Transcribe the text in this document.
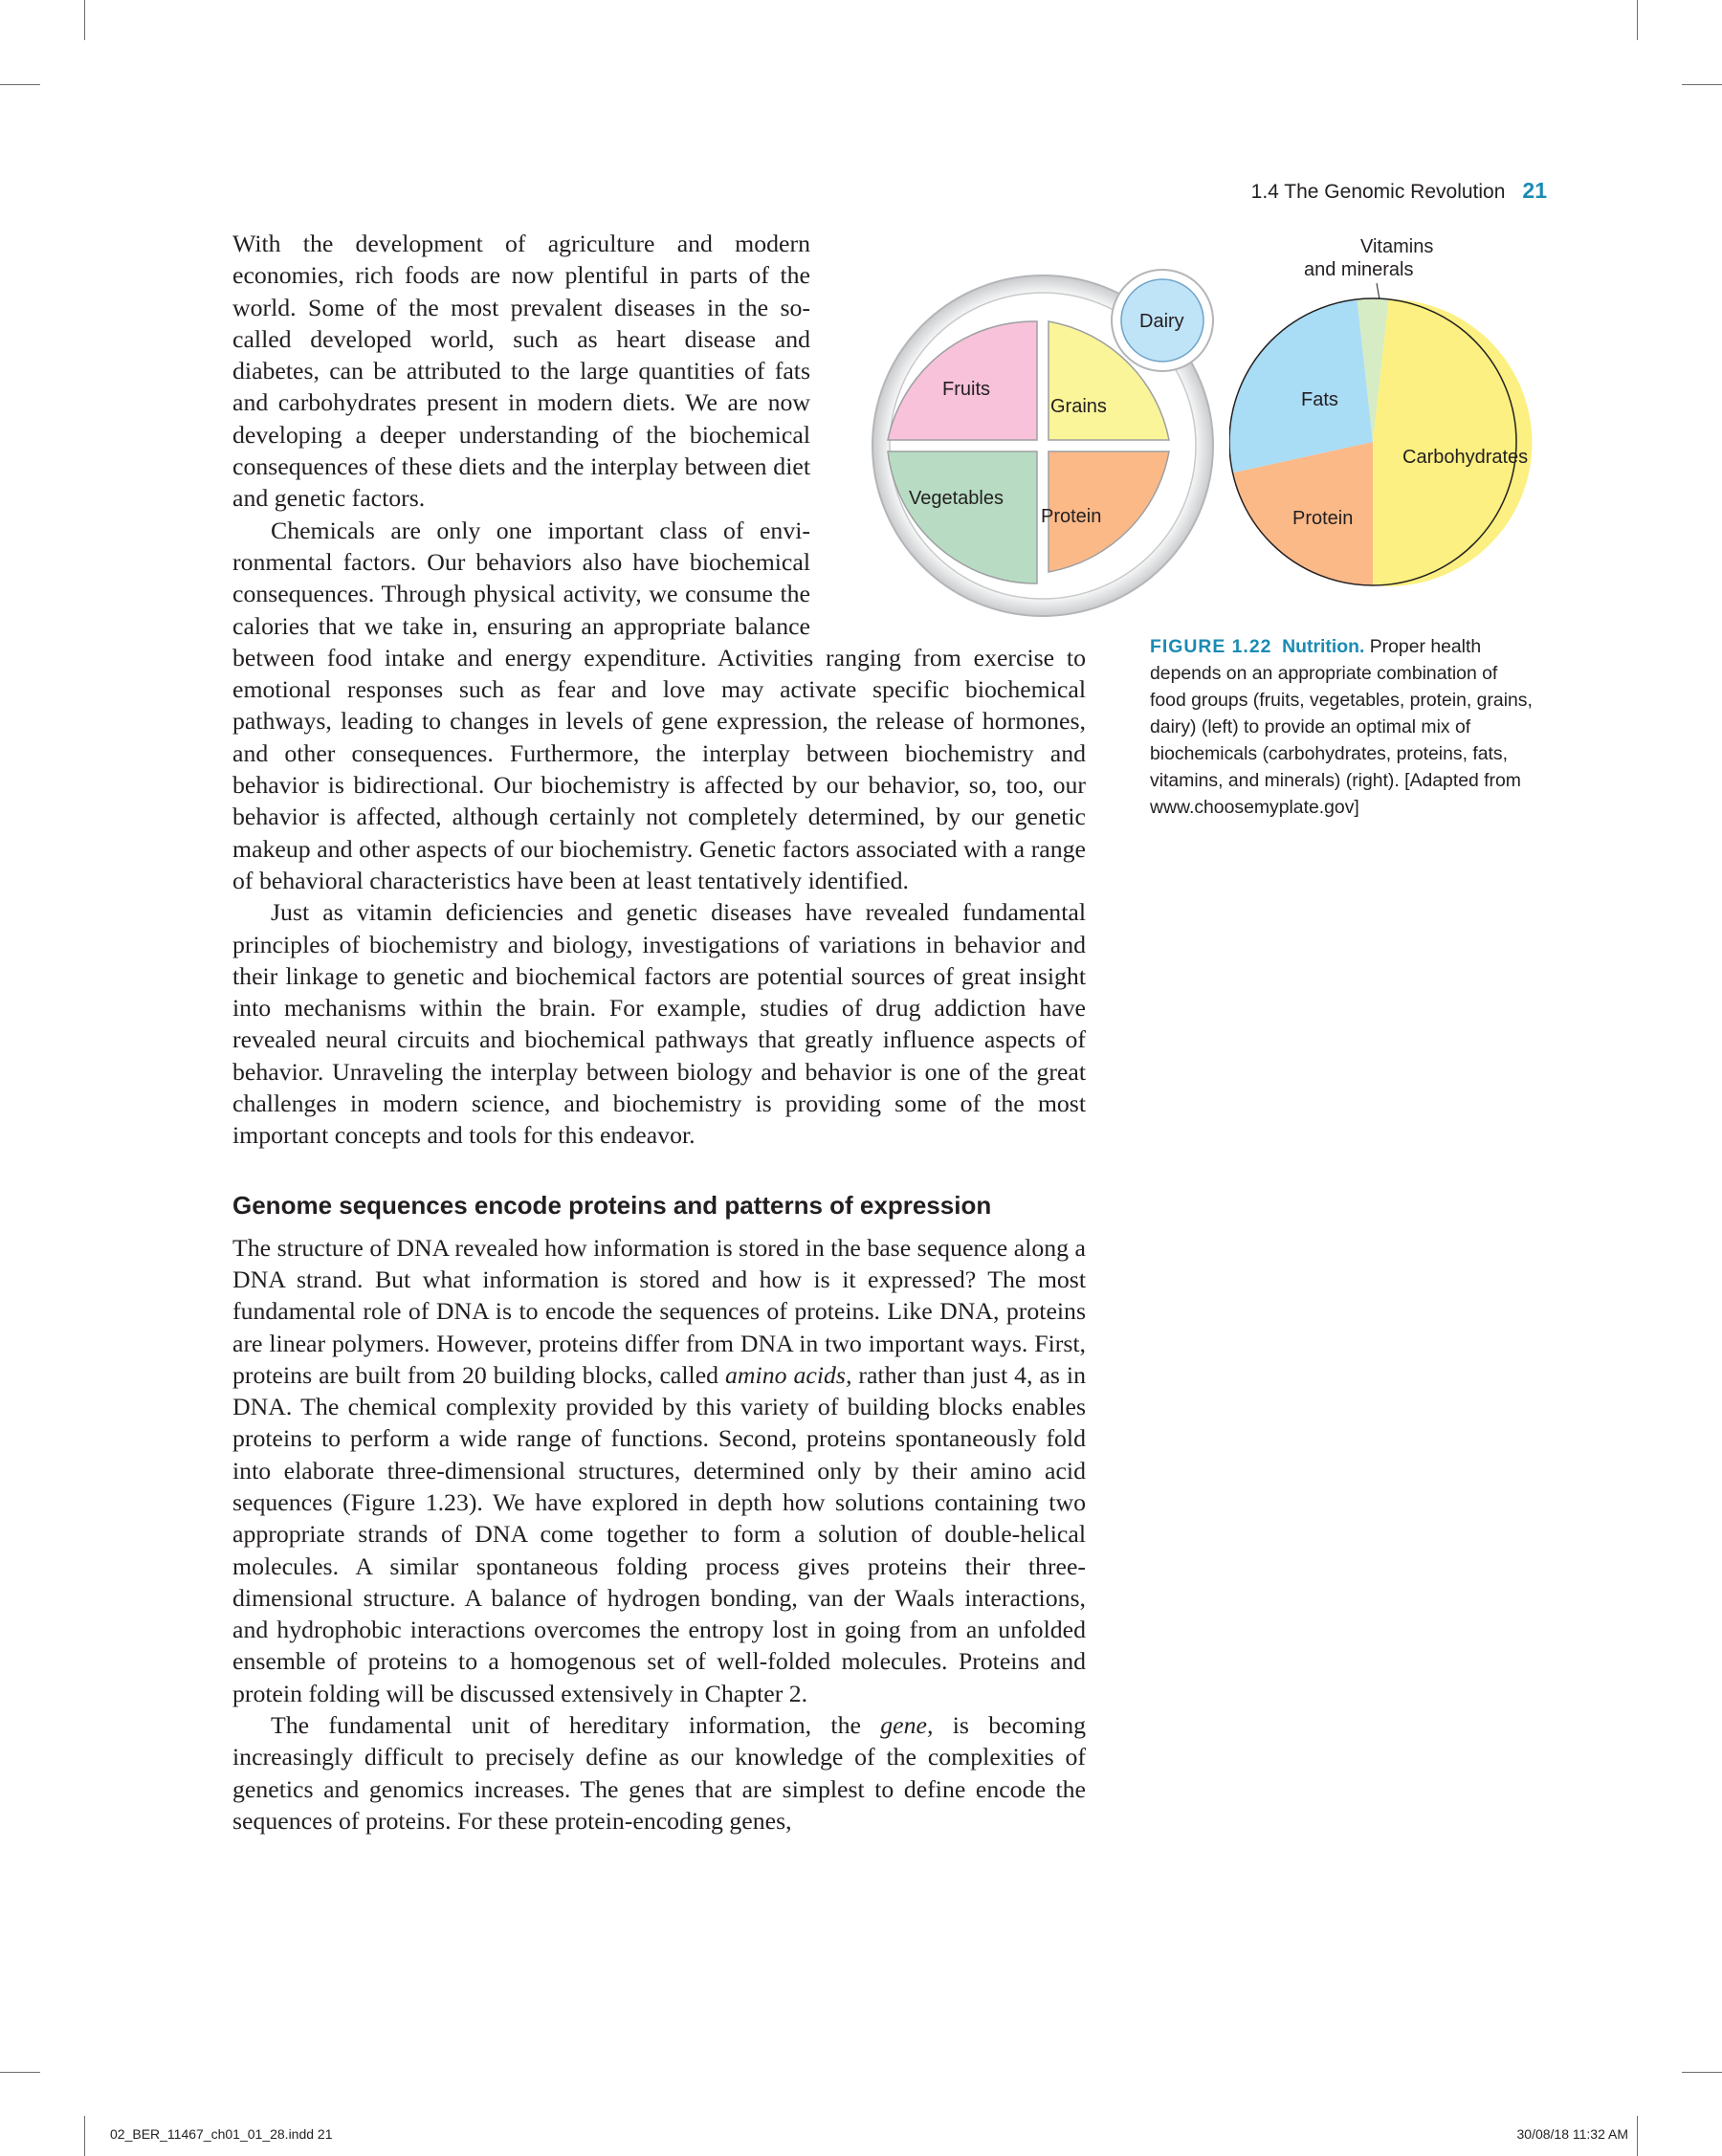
1.4 The Genomic Revolution 21
Fruits
Grains
Vegetables
Protein
Dairy
Vitamins
and minerals
Fats
Carbohydrates
Protein
FIGURE 1.22 Nutrition. Proper health depends on an appropriate combination of food groups (fruits, vegetables, protein, grains, dairy) (left) to provide an optimal mix of biochemicals (carbohydrates, proteins, fats, vitamins, and minerals) (right). [Adapted from www.choosemyplate.gov]

With the development of agriculture and modern economies, rich foods are now plentiful in parts of the world. Some of the most prevalent diseases in the so-called developed world, such as heart disease and diabetes, can be attributed to the large quantities of fats and carbohydrates present in modern diets. We are now developing a deeper understanding of the biochemical consequences of these diets and the interplay between diet and genetic factors.

Chemicals are only one important class of environmental factors. Our behaviors also have biochemical consequences. Through physical activity, we consume the calories that we take in, ensuring an appropriate balance between food intake and energy expenditure. Activities ranging from exercise to emotional responses such as fear and love may activate specific biochemical pathways, leading to changes in levels of gene expression, the release of hormones, and other consequences. Furthermore, the interplay between biochemistry and behavior is bidirectional. Our biochemistry is affected by our behavior, so, too, our behavior is affected, although certainly not completely determined, by our genetic makeup and other aspects of our biochemistry. Genetic factors associated with a range of behavioral characteristics have been at least tentatively identified.

Just as vitamin deficiencies and genetic diseases have revealed fundamental principles of biochemistry and biology, investigations of variations in behavior and their linkage to genetic and biochemical factors are potential sources of great insight into mechanisms within the brain. For example, studies of drug addiction have revealed neural circuits and biochemical pathways that greatly influence aspects of behavior. Unraveling the interplay between biology and behavior is one of the great challenges in modern science, and biochemistry is providing some of the most important concepts and tools for this endeavor.

Genome sequences encode proteins and patterns of expression

The structure of DNA revealed how information is stored in the base sequence along a DNA strand. But what information is stored and how is it expressed? The most fundamental role of DNA is to encode the sequences of proteins. Like DNA, proteins are linear polymers. However, proteins differ from DNA in two important ways. First, proteins are built from 20 building blocks, called amino acids, rather than just 4, as in DNA. The chemical complexity provided by this variety of building blocks enables proteins to perform a wide range of functions. Second, proteins spontaneously fold into elaborate three-dimensional structures, determined only by their amino acid sequences (Figure 1.23). We have explored in depth how solutions containing two appropriate strands of DNA come together to form a solution of double-helical molecules. A similar spontaneous folding process gives proteins their three-dimensional structure. A balance of hydrogen bonding, van der Waals interactions, and hydrophobic interactions overcomes the entropy lost in going from an unfolded ensemble of proteins to a homogenous set of well-folded molecules. Proteins and protein folding will be discussed extensively in Chapter 2.

The fundamental unit of hereditary information, the gene, is becoming increasingly difficult to precisely define as our knowledge of the complexities of genetics and genomics increases. The genes that are simplest to define encode the sequences of proteins. For these protein-encoding genes,

02_BER_11467_ch01_01_28.indd 21	30/08/18 11:32 AM
